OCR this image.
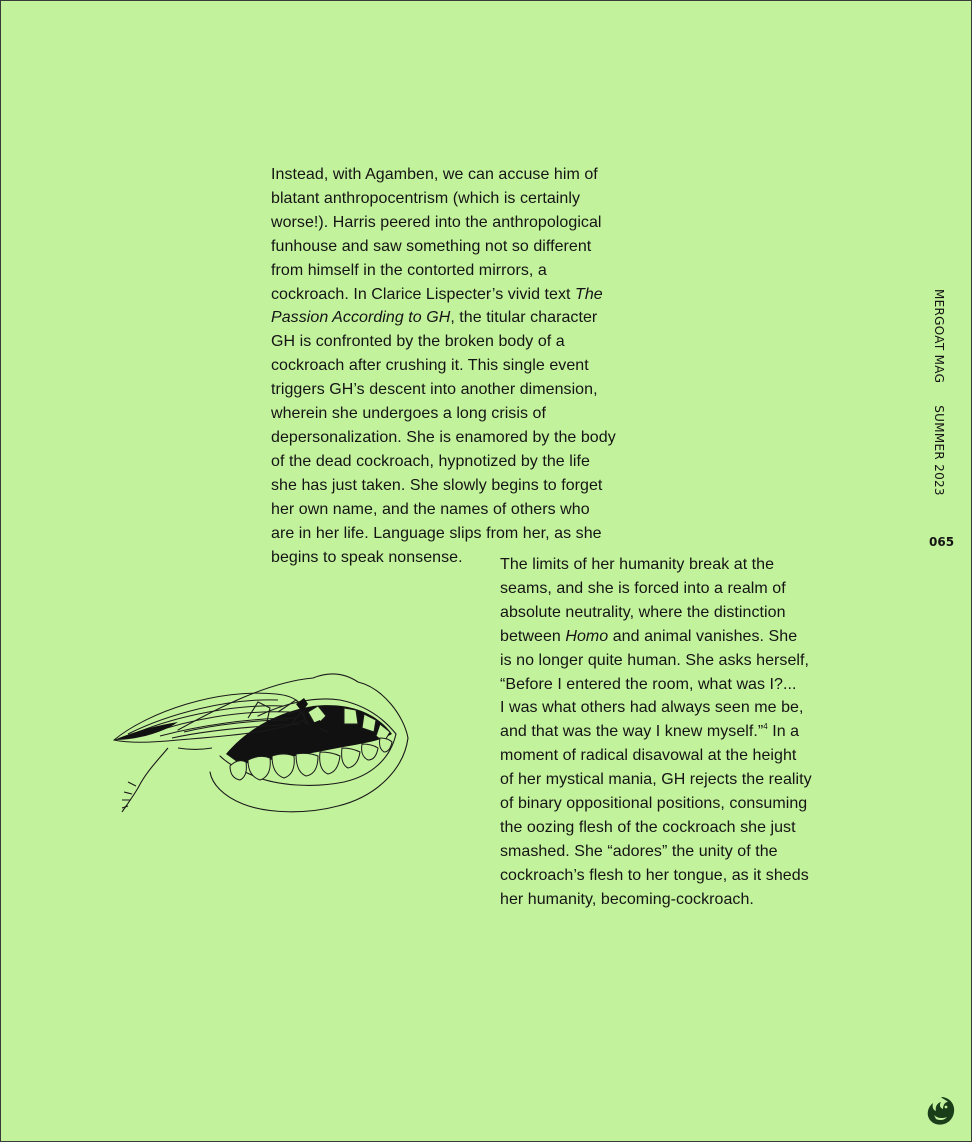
Instead, with Agamben, we can accuse him of
blatant anthropocentrism (which is certainly
worse!). Harris peered into the anthropological
funhouse and saw something not so different
from himself in the contorted mirrors, a
cockroach. In Clarice Lispecter’s vivid text The
Passion According to GH, the titular character
GH is confronted by the broken body of a
cockroach after crushing it. This single event
triggers GH’s descent into another dimension,
wherein she undergoes a long crisis of
depersonalization. She is enamored by the body
of the dead cockroach, hypnotized by the life
she has just taken. She slowly begins to forget
her own name, and the names of others who
are in her life. Language slips from her, as she
begins to speak nonsense.	The limits of her humanity break at the
seams, and she is forced into a realm of
absolute neutrality, where the distinction
between Homo and animal vanishes. She
is no longer quite human. She asks herself,
“Before I entered the room, what was I?...
I was what others had always seen me be,
and that was the way I knew myself.”$^4$ In a
moment of radical disavowal at the height
of her mystical mania, GH rejects the reality
of binary oppositional positions, consuming
the oozing flesh of the cockroach she just
smashed. She “adores” the unity of the
cockroach’s flesh to her tongue, as it sheds
her humanity, becoming-cockroach.

MERGOAT MAGSUMMER 2023
065
